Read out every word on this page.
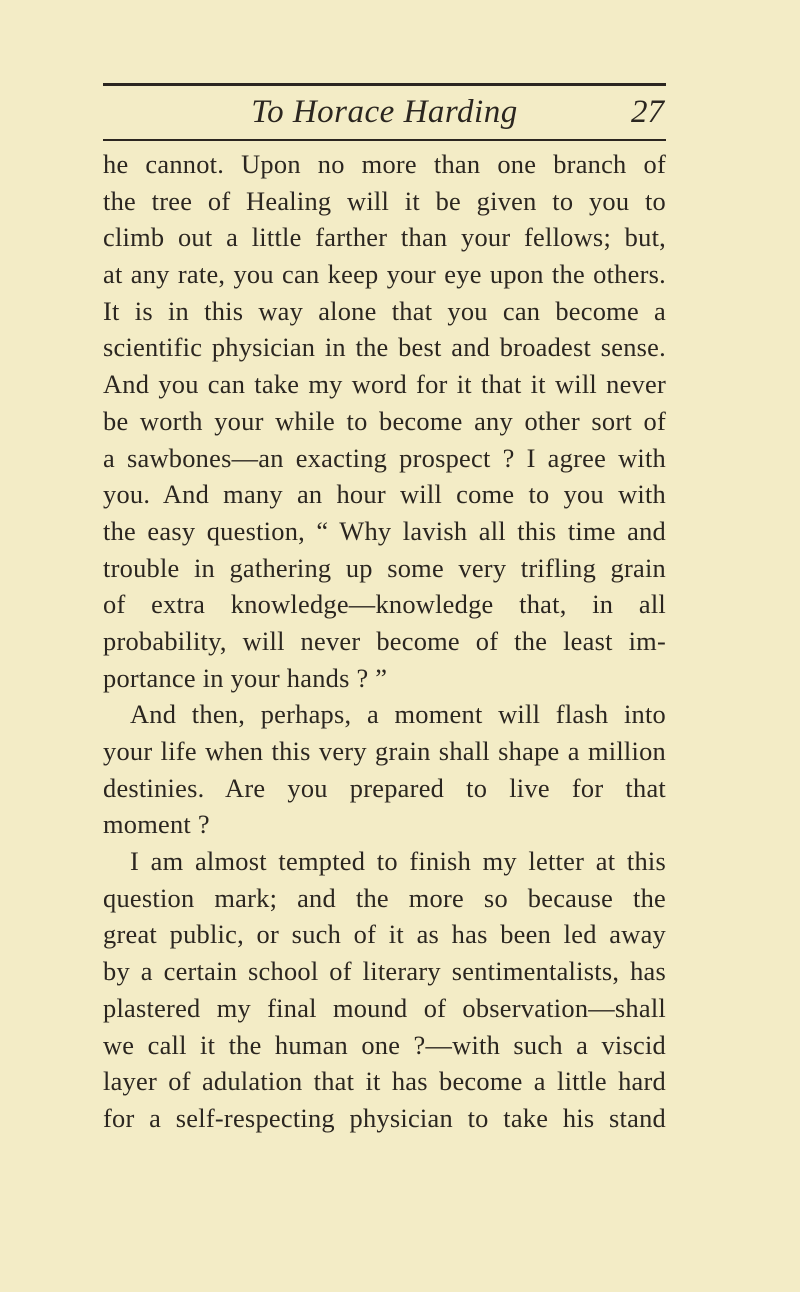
To Horace Harding	27
he cannot. Upon no more than one branch of
the tree of Healing will it be given to you to
climb out a little farther than your fellows; but,
at any rate, you can keep your eye upon the others.
It is in this way alone that you can become a
scientific physician in the best and broadest sense.
And you can take my word for it that it will never
be worth your while to become any other sort of
a sawbones—an exacting prospect ? I agree with
you. And many an hour will come to you with
the easy question, “ Why lavish all this time and
trouble in gathering up some very trifling grain
of extra knowledge—knowledge that, in all
probability, will never become of the least im-
portance in your hands ? ”
And then, perhaps, a moment will flash into
your life when this very grain shall shape a million
destinies. Are you prepared to live for that
moment ?
I am almost tempted to finish my letter at this
question mark; and the more so because the
great public, or such of it as has been led away
by a certain school of literary sentimentalists, has
plastered my final mound of observation—shall
we call it the human one ?—with such a viscid
layer of adulation that it has become a little hard
for a self-respecting physician to take his stand
